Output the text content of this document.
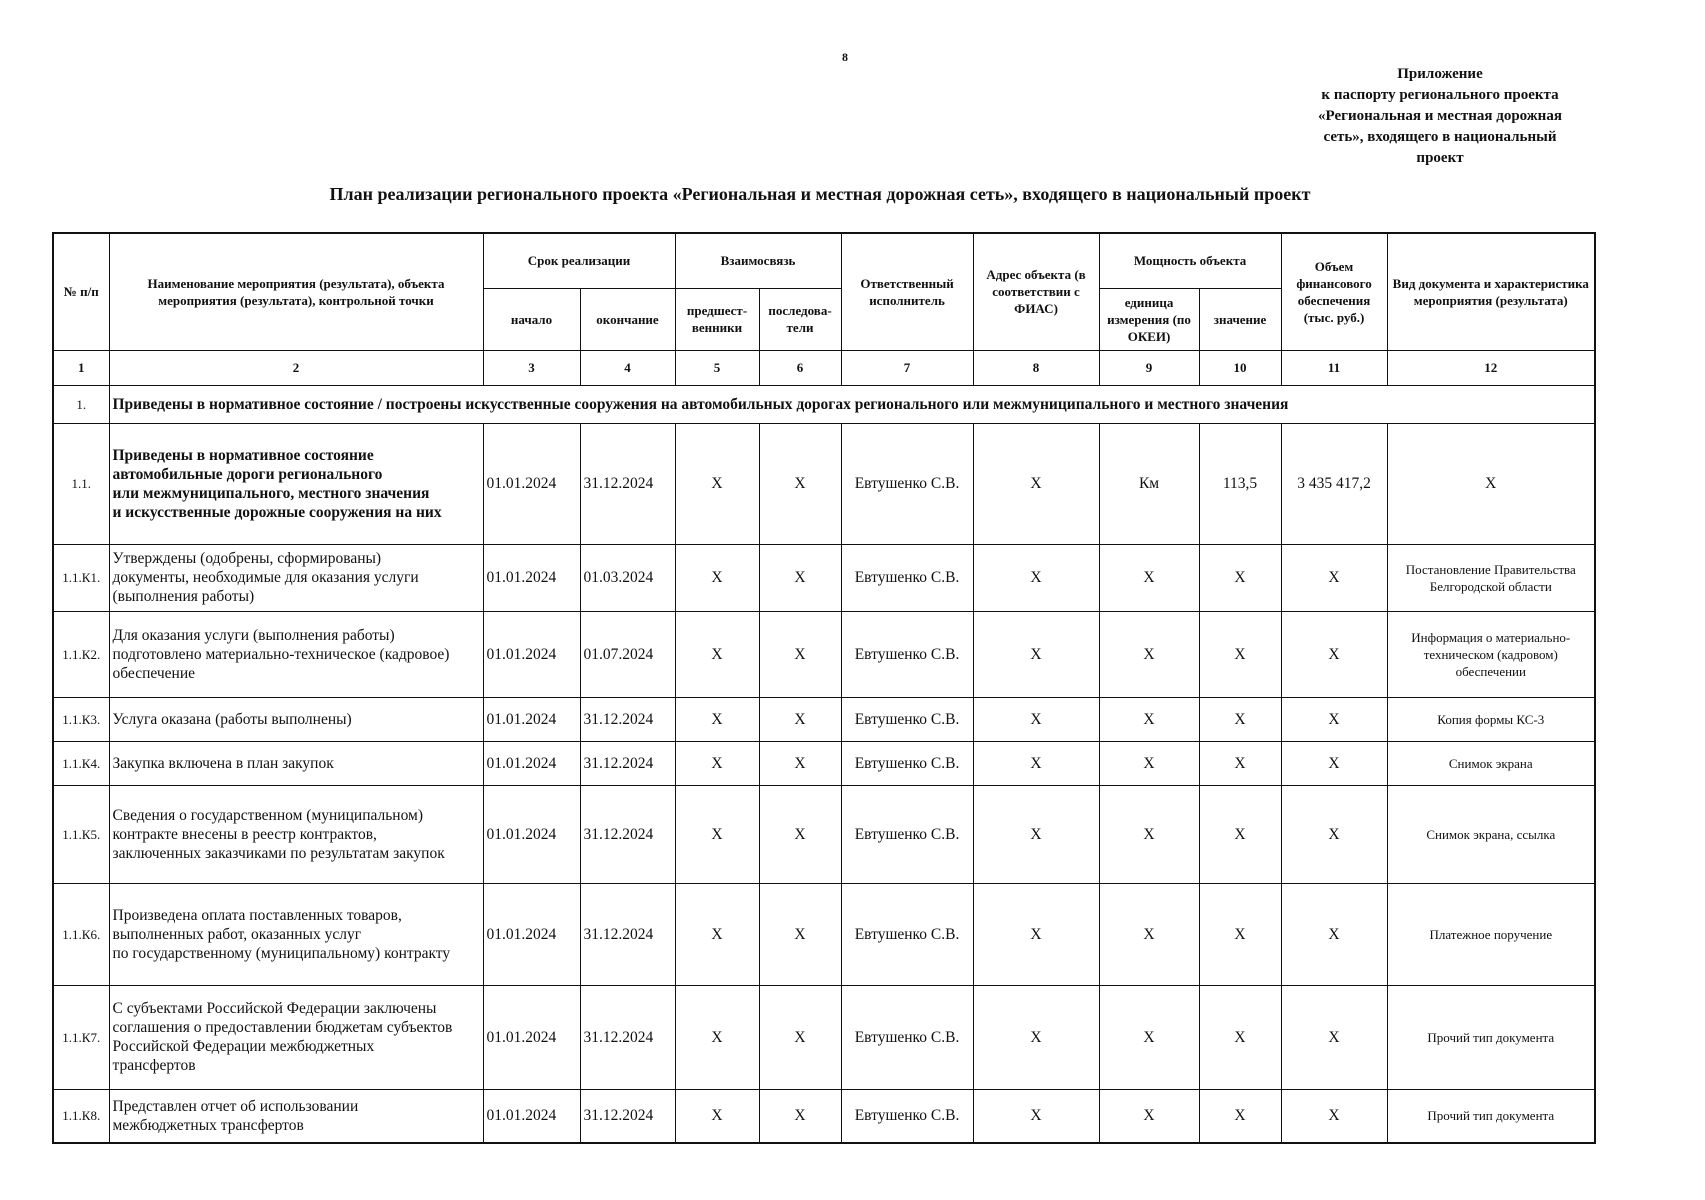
8
Приложение
к паспорту регионального проекта
«Региональная и местная дорожная
сеть», входящего в национальный
проект
План реализации регионального проекта «Региональная и местная дорожная сеть», входящего в национальный проект
№ п/п	Наименование мероприятия (результата), объекта мероприятия (результата), контрольной точки	Срок реализации		Взаимосвязь		Ответственный исполнитель	Адрес объекта (в соответствии с ФИАС)	Мощность объекта		Объем финансового обеспечения (тыс. руб.)	Вид документа и характеристика мероприятия (результата)
		начало	окончание	предшест-венники	последова-тели			единица измерения (по ОКЕИ)	значение		
1	2	3	4	5	6	7	8	9	10	11	12
1.	Приведены в нормативное состояние / построены искусственные сооружения на автомобильных дорогах регионального или межмуниципального и местного значения										
1.1.	Приведены в нормативное состояние
автомобильные дороги регионального
или межмуниципального, местного значения
и искусственные дорожные сооружения на них	01.01.2024	31.12.2024	X	X	Евтушенко С.В.	X	Км	113,5	3 435 417,2	X
1.1.К1.	Утверждены (одобрены, сформированы)
документы, необходимые для оказания услуги
(выполнения работы)	01.01.2024	01.03.2024	X	X	Евтушенко С.В.	X	X	X	X	Постановление Правительства Белгородской области
1.1.К2.	Для оказания услуги (выполнения работы)
подготовлено материально-техническое (кадровое)
обеспечение	01.01.2024	01.07.2024	X	X	Евтушенко С.В.	X	X	X	X	Информация о материально-техническом (кадровом) обеспечении
1.1.К3.	Услуга оказана (работы выполнены)	01.01.2024	31.12.2024	X	X	Евтушенко С.В.	X	X	X	X	Копия формы КС-3
1.1.К4.	Закупка включена в план закупок	01.01.2024	31.12.2024	X	X	Евтушенко С.В.	X	X	X	X	Снимок экрана
1.1.К5.	Сведения о государственном (муниципальном)
контракте внесены в реестр контрактов,
заключенных заказчиками по результатам закупок	01.01.2024	31.12.2024	X	X	Евтушенко С.В.	X	X	X	X	Снимок экрана, ссылка
1.1.К6.	Произведена оплата поставленных товаров,
выполненных работ, оказанных услуг
по государственному (муниципальному) контракту	01.01.2024	31.12.2024	X	X	Евтушенко С.В.	X	X	X	X	Платежное поручение
1.1.К7.	С субъектами Российской Федерации заключены
соглашения о предоставлении бюджетам субъектов
Российской Федерации межбюджетных
трансфертов	01.01.2024	31.12.2024	X	X	Евтушенко С.В.	X	X	X	X	Прочий тип документа
1.1.К8.	Представлен отчет об использовании
межбюджетных трансфертов	01.01.2024	31.12.2024	X	X	Евтушенко С.В.	X	X	X	X	Прочий тип документа
